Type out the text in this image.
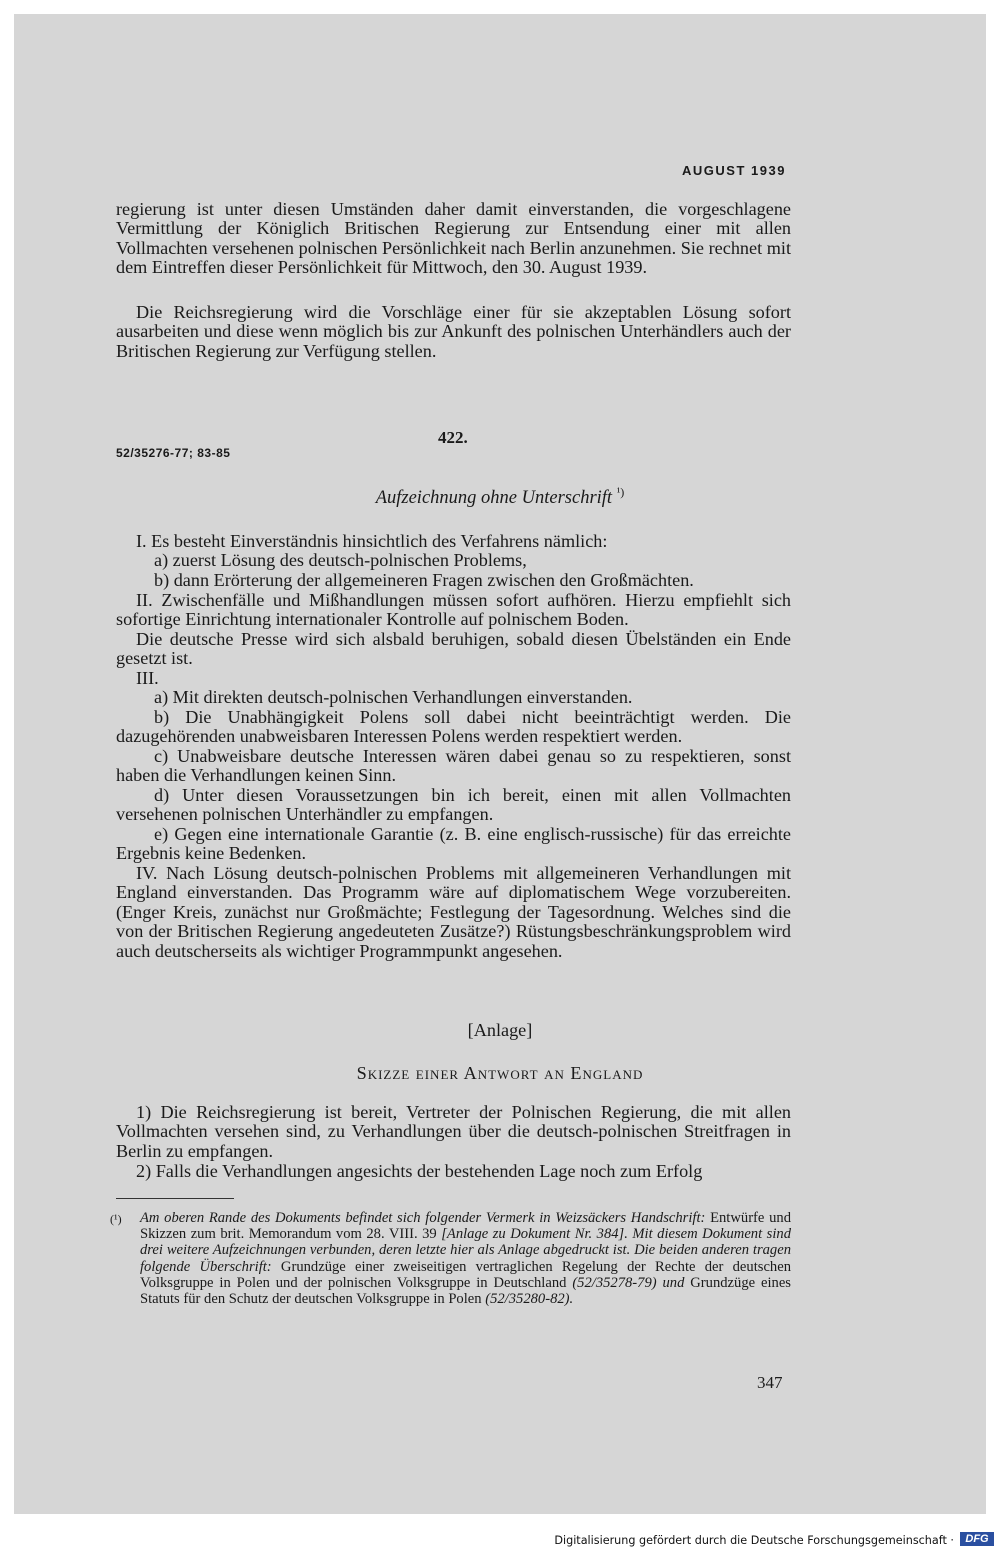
AUGUST 1939

regierung ist unter diesen Umständen daher damit einverstanden, die vorgeschlagene Vermittlung der Königlich Britischen Regierung zur Entsendung einer mit allen Vollmachten versehenen polnischen Persönlichkeit nach Berlin anzunehmen. Sie rechnet mit dem Eintreffen dieser Persönlichkeit für Mittwoch, den 30. August 1939.

Die Reichsregierung wird die Vorschläge einer für sie akzeptablen Lösung sofort ausarbeiten und diese wenn möglich bis zur Ankunft des polnischen Unterhändlers auch der Britischen Regierung zur Verfügung stellen.

422.
52/35276-77; 83-85
Aufzeichnung ohne Unterschrift $^{^1)}$

I. Es besteht Einverständnis hinsichtlich des Verfahrens nämlich:

a) zuerst Lösung des deutsch-polnischen Problems,

b) dann Erörterung der allgemeineren Fragen zwischen den Großmächten.

II. Zwischenfälle und Mißhandlungen müssen sofort aufhören. Hierzu empfiehlt sich sofortige Einrichtung internationaler Kontrolle auf polnischem Boden.

Die deutsche Presse wird sich alsbald beruhigen, sobald diesen Übelständen ein Ende gesetzt ist.

III.

a) Mit direkten deutsch-polnischen Verhandlungen einverstanden.

b) Die Unabhängigkeit Polens soll dabei nicht beeinträchtigt werden. Die dazugehörenden unabweisbaren Interessen Polens werden respektiert werden.

c) Unabweisbare deutsche Interessen wären dabei genau so zu respektieren, sonst haben die Verhandlungen keinen Sinn.

d) Unter diesen Voraussetzungen bin ich bereit, einen mit allen Vollmachten versehenen polnischen Unterhändler zu empfangen.

e) Gegen eine internationale Garantie (z. B. eine englisch-russische) für das erreichte Ergebnis keine Bedenken.

IV. Nach Lösung deutsch-polnischen Problems mit allgemeineren Verhandlungen mit England einverstanden. Das Programm wäre auf diplomatischem Wege vorzubereiten. (Enger Kreis, zunächst nur Großmächte; Festlegung der Tagesordnung. Welches sind die von der Britischen Regierung angedeuteten Zusätze?) Rüstungsbeschränkungsproblem wird auch deutscherseits als wichtiger Programmpunkt angesehen.

[Anlage]
Skizze einer Antwort an England

1) Die Reichsregierung ist bereit, Vertreter der Polnischen Regierung, die mit allen Vollmachten versehen sind, zu Verhandlungen über die deutsch-polnischen Streitfragen in Berlin zu empfangen.

2) Falls die Verhandlungen angesichts der bestehenden Lage noch zum Erfolg

(¹) Am oberen Rande des Dokuments befindet sich folgender Vermerk in Weizsäckers Handschrift: Entwürfe und Skizzen zum brit. Memorandum vom 28. VIII. 39 [Anlage zu Dokument Nr. 384]. Mit diesem Dokument sind drei weitere Aufzeichnungen verbunden, deren letzte hier als Anlage abgedruckt ist. Die beiden anderen tragen folgende Überschrift: Grundzüge einer zweiseitigen vertraglichen Regelung der Rechte der deutschen Volksgruppe in Polen und der polnischen Volksgruppe in Deutschland (52/35278-79) und Grundzüge eines Statuts für den Schutz der deutschen Volksgruppe in Polen (52/35280-82).

347
Digitalisierung gefördert durch die Deutsche Forschungsgemeinschaft ·	DFG
